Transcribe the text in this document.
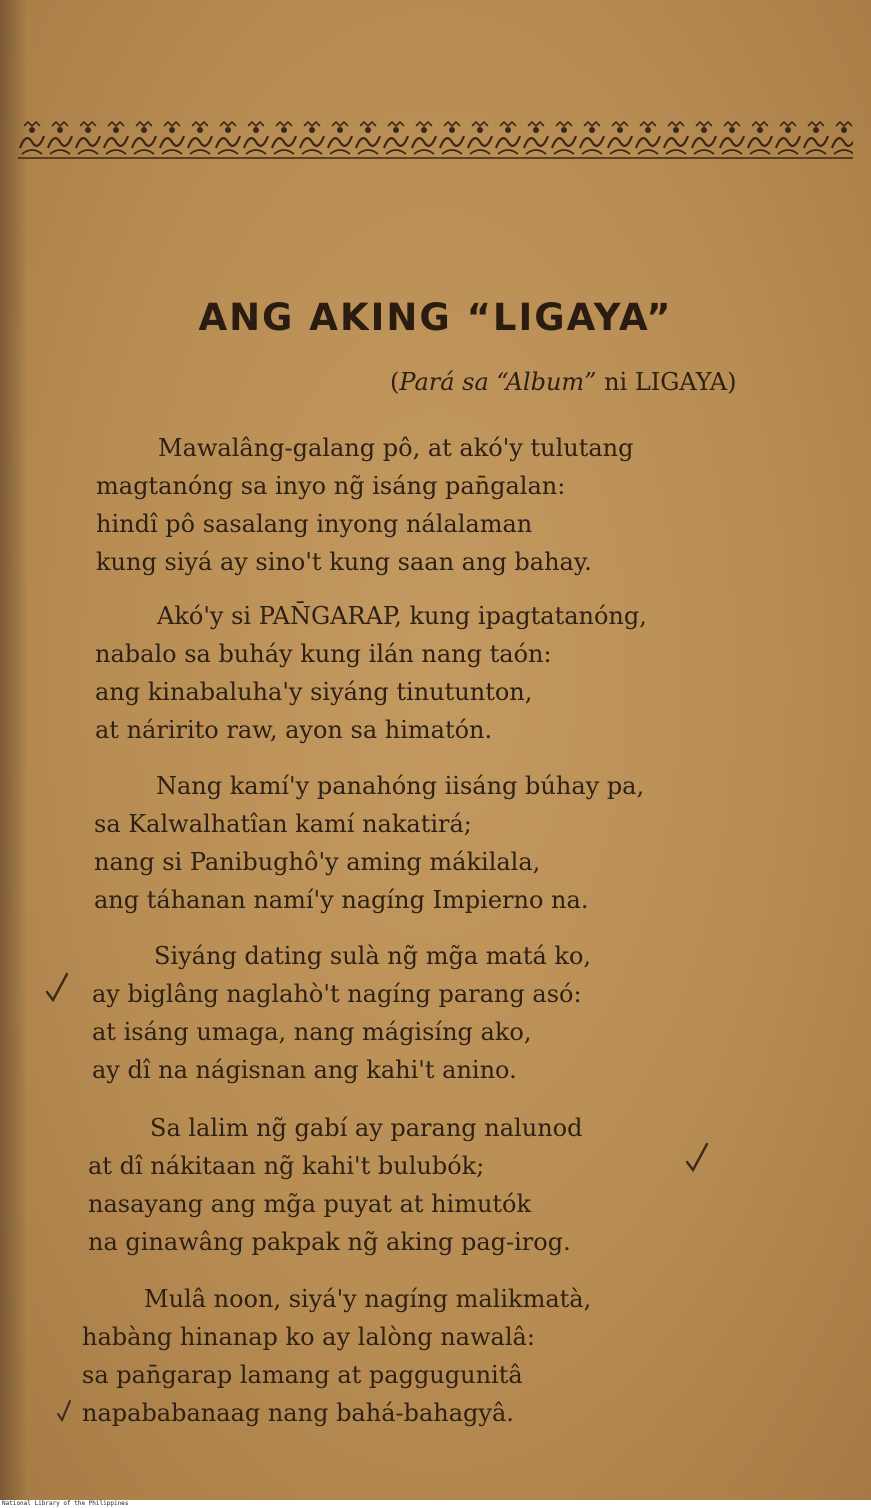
ANG AKING “LIGAYA”
(Pará sa “Album” ni LIGAYA)
Mawalâng-galang pô, at akó'y tulutang
magtanóng sa inyo ng̃ isáng pan̄galan:
hindî pô sasalang inyong nálalaman
kung siyá ay sino't kung saan ang bahay.
Akó'y si PAN̄GARAP, kung ipagtatanóng,
nabalo sa buháy kung ilán nang taón:
ang kinabaluha'y siyáng tinutunton,
at náririto raw, ayon sa himatón.
Nang kamí'y panahóng iisáng búhay pa,
sa Kalwalhatîan kamí nakatirá;
nang si Panibughô'y aming mákilala,
ang táhanan namí'y nagíng Impierno na.
Siyáng dating sulà ng̃ mg̃a matá ko,
ay biglâng naglahò't nagíng parang asó:
at isáng umaga, nang mágisíng ako,
ay dî na nágisnan ang kahi't anino.
Sa lalim ng̃ gabí ay parang nalunod
at dî nákitaan ng̃ kahi't bulubók;
nasayang ang mg̃a puyat at himutók
na ginawâng pakpak ng̃ aking pag-irog.
Mulâ noon, siyá'y nagíng malikmatà,
habàng hinanap ko ay lalòng nawalâ:
sa pan̄garap lamang at paggugunitâ
napababanaag nang bahá-bahagyâ.
National Library of the Philippines
